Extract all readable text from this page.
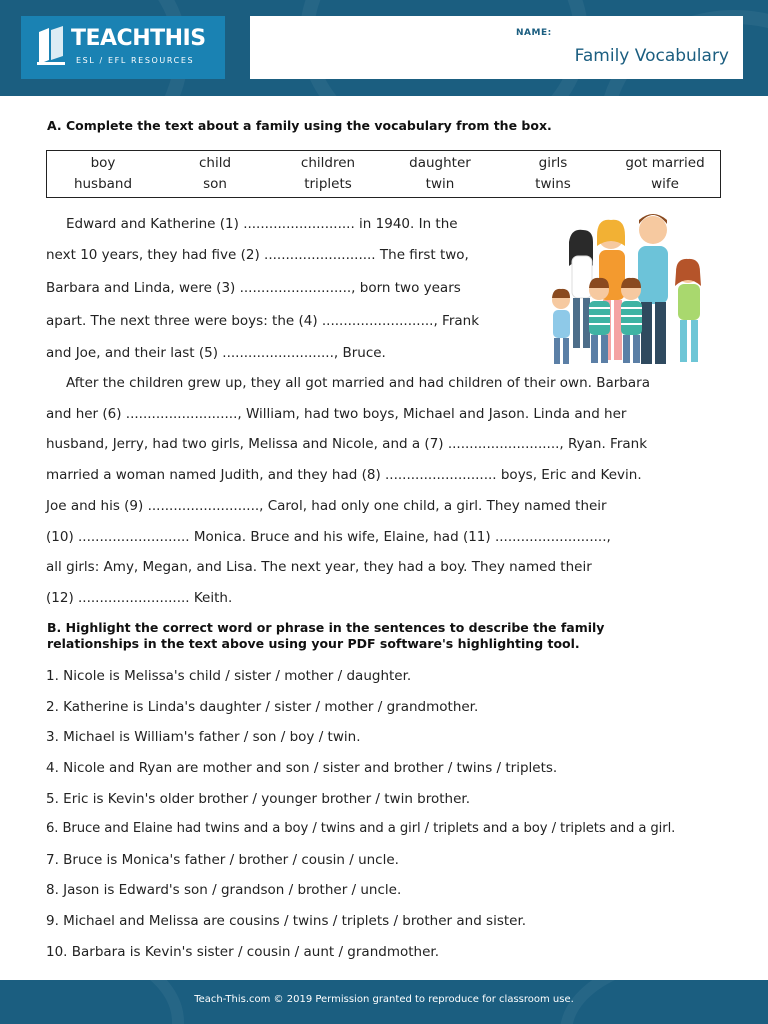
TEACHTHIS
ESL / EFL RESOURCES
NAME:
Family Vocabulary
A. Complete the text about a family using the vocabulary from the box.
boy	child	children	daughter	girls	got married
husband	son	triplets	twin	twins	wife
Edward and Katherine (1) .......................... in 1940. In the
next 10 years, they had five (2) .......................... The first two,
Barbara and Linda, were (3) .........................., born two years
apart. The next three were boys: the (4) .........................., Frank
and Joe, and their last (5) .........................., Bruce.
After the children grew up, they all got married and had children of their own. Barbara
and her (6) .........................., William, had two boys, Michael and Jason. Linda and her
husband, Jerry, had two girls, Melissa and Nicole, and a (7) .........................., Ryan. Frank
married a woman named Judith, and they had (8) .......................... boys, Eric and Kevin.
Joe and his (9) .........................., Carol, had only one child, a girl. They named their
(10) .......................... Monica. Bruce and his wife, Elaine, had (11) ..........................,
all girls: Amy, Megan, and Lisa. The next year, they had a boy. They named their
(12) .......................... Keith.
B. Highlight the correct word or phrase in the sentences to describe the family
relationships in the text above using your PDF software's highlighting tool.
1. Nicole is Melissa's child / sister / mother / daughter.
2. Katherine is Linda's daughter / sister / mother / grandmother.
3. Michael is William's father / son / boy / twin.
4. Nicole and Ryan are mother and son / sister and brother / twins / triplets.
5. Eric is Kevin's older brother / younger brother / twin brother.
6. Bruce and Elaine had twins and a boy / twins and a girl / triplets and a boy / triplets and a girl.
7. Bruce is Monica's father / brother / cousin / uncle.
8. Jason is Edward's son / grandson / brother / uncle.
9. Michael and Melissa are cousins / twins / triplets / brother and sister.
10. Barbara is Kevin's sister / cousin / aunt / grandmother.
Teach-This.com © 2019 Permission granted to reproduce for classroom use.
